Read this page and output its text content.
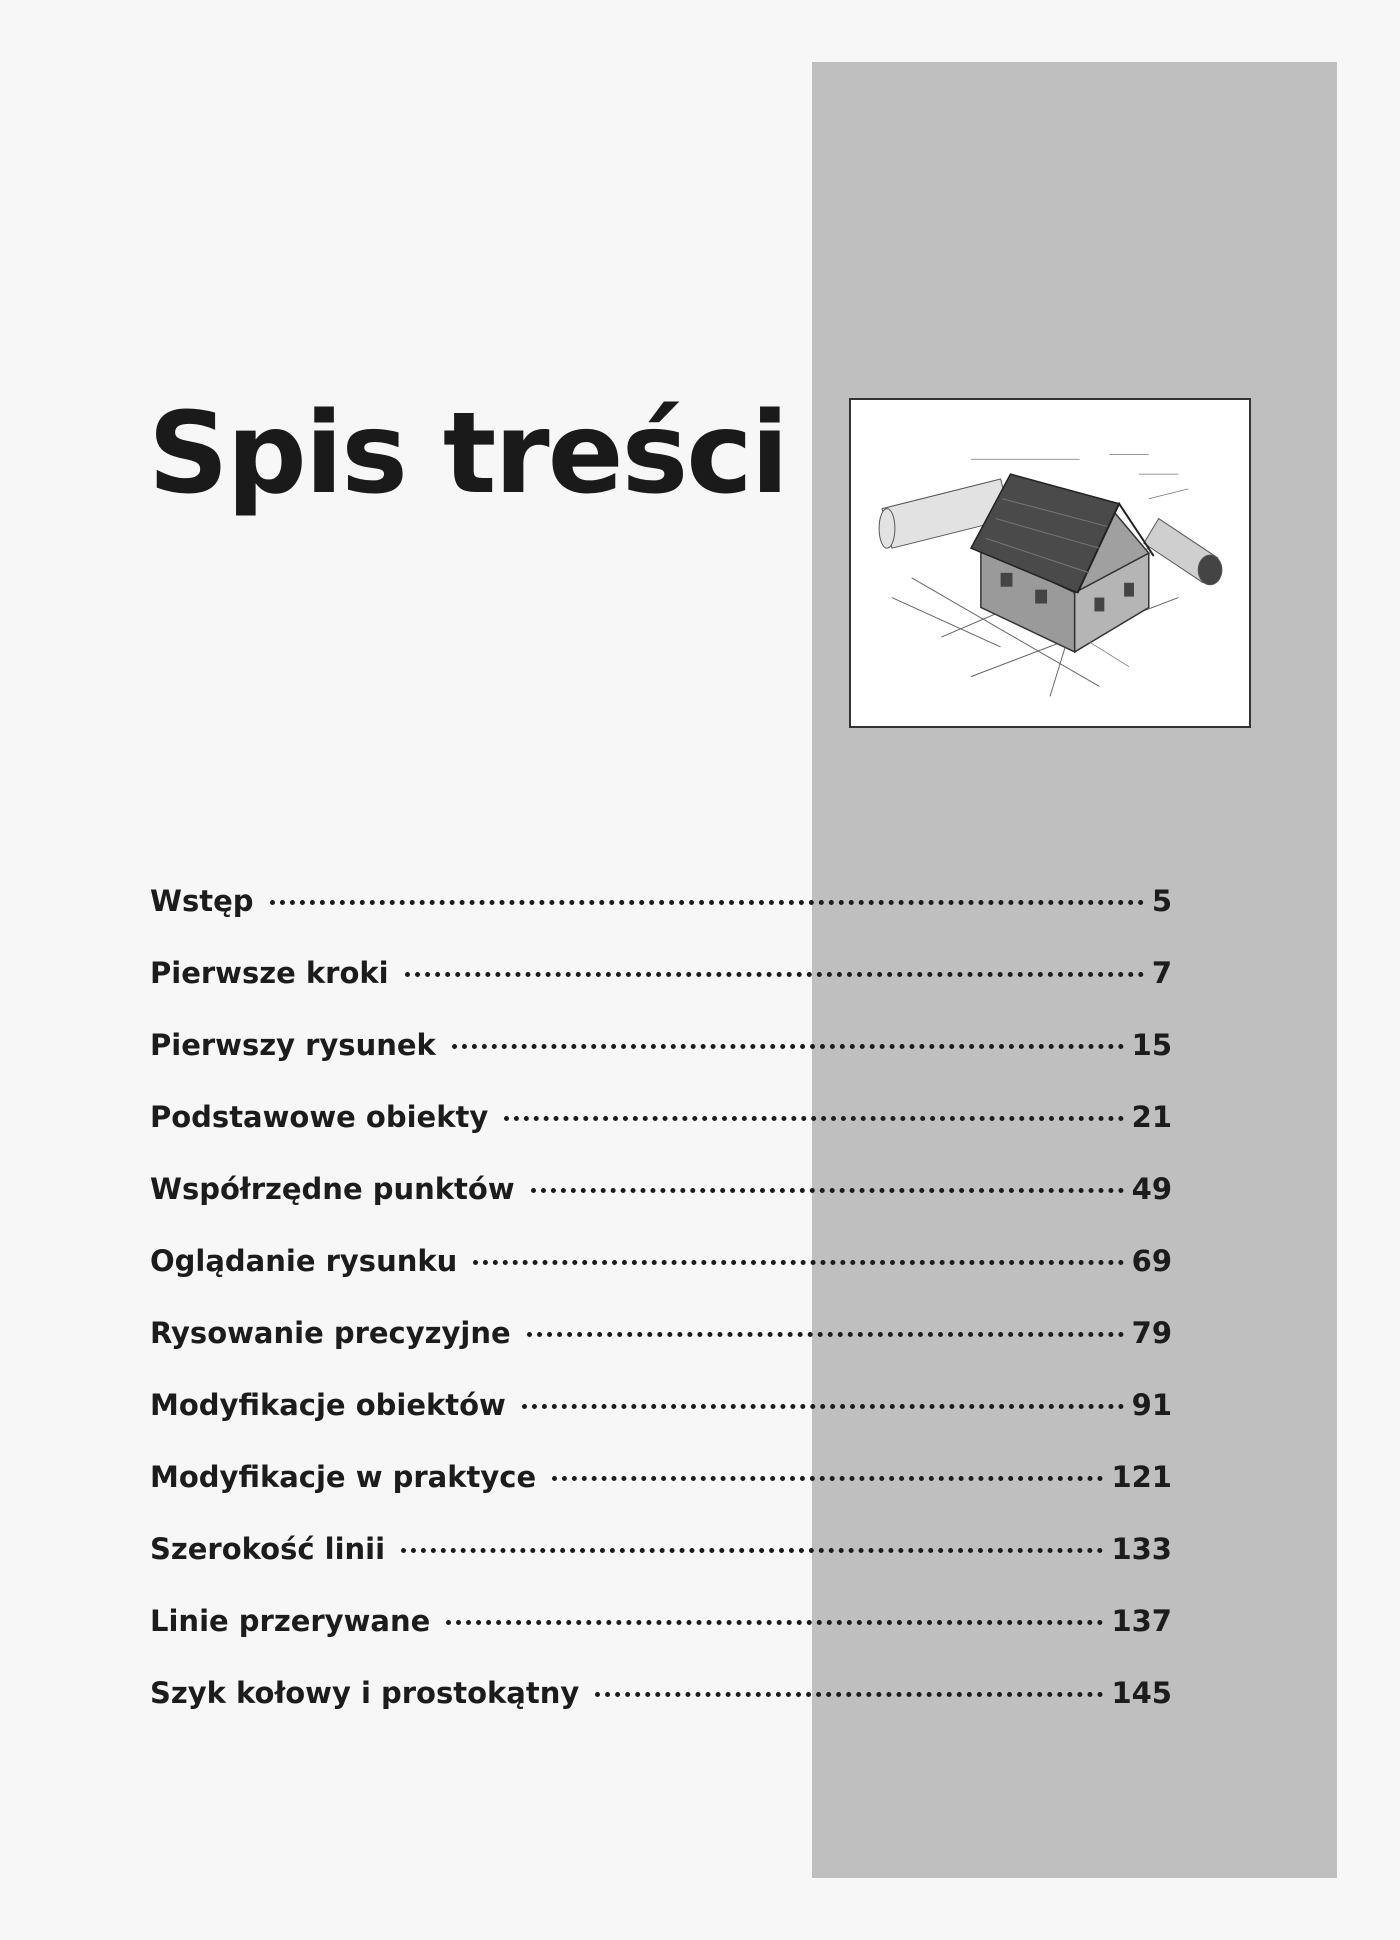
Spis treści
Wstęp	5
Pierwsze kroki	7
Pierwszy rysunek	15
Podstawowe obiekty	21
Współrzędne punktów	49
Oglądanie rysunku	69
Rysowanie precyzyjne	79
Modyfikacje obiektów	91
Modyfikacje w praktyce	121
Szerokość linii	133
Linie przerywane	137
Szyk kołowy i prostokątny	145
